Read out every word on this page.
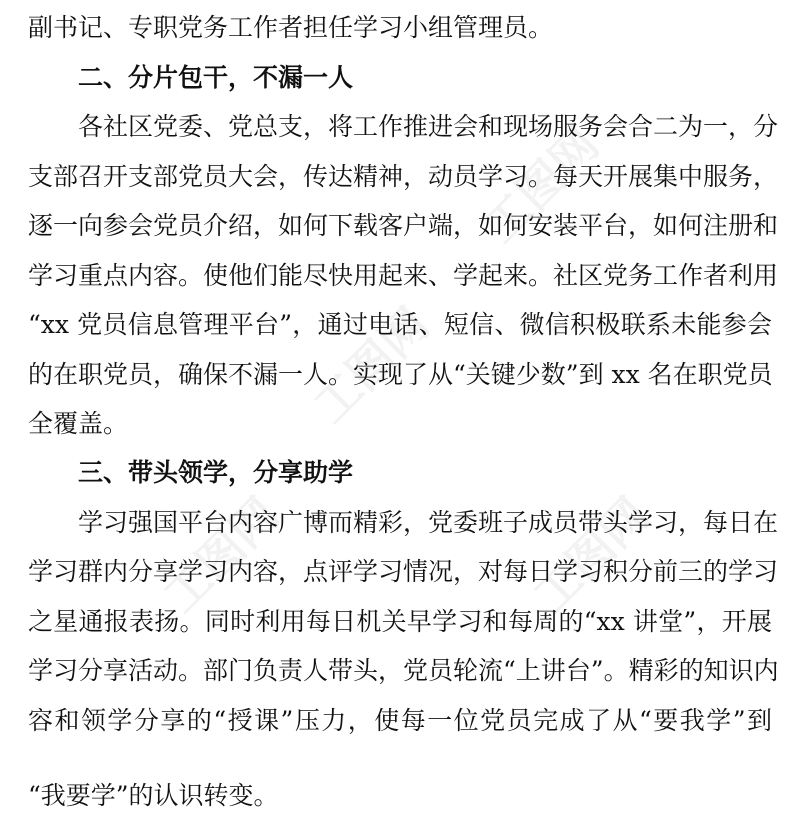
副书记、专职党务工作者担任学习小组管理员。
二、分片包干，不漏一人
各社区党委、党总支，将工作推进会和现场服务会合二为一，分
支部召开支部党员大会，传达精神，动员学习。每天开展集中服务，
逐一向参会党员介绍，如何下载客户端，如何安装平台，如何注册和
学习重点内容。使他们能尽快用起来、学起来。社区党务工作者利用
“xx 党员信息管理平台”，通过电话、短信、微信积极联系未能参会
的在职党员，确保不漏一人。实现了从“关键少数”到 xx 名在职党员
全覆盖。
三、带头领学，分享助学
学习强国平台内容广博而精彩，党委班子成员带头学习，每日在
学习群内分享学习内容，点评学习情况，对每日学习积分前三的学习
之星通报表扬。同时利用每日机关早学习和每周的“xx 讲堂”，开展
学习分享活动。部门负责人带头，党员轮流“上讲台”。精彩的知识内
容和领学分享的“授课”压力，使每一位党员完成了从“要我学”到
“我要学”的认识转变。
工图网
工图网
工图网	工图网
